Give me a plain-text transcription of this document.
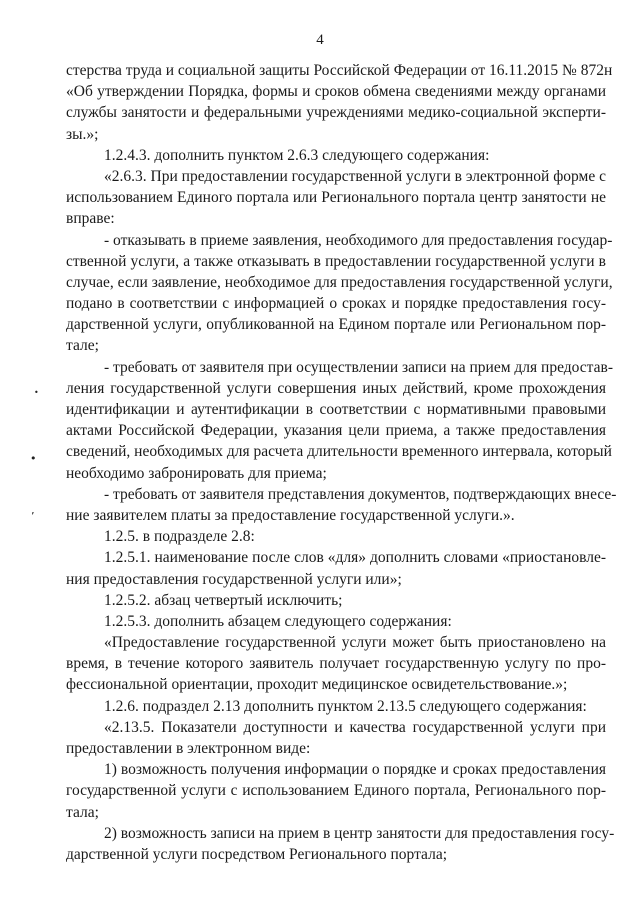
4
стерства труда и социальной защиты Российской Федерации от 16.11.2015 № 872н
«Об утверждении Порядка, формы и сроков обмена сведениями между органами
службы занятости и федеральными учреждениями медико-социальной эксперти-
зы.»;
1.2.4.3. дополнить пунктом 2.6.3 следующего содержания:
«2.6.3. При предоставлении государственной услуги в электронной форме с
использованием Единого портала или Регионального портала центр занятости не
вправе:
- отказывать в приеме заявления, необходимого для предоставления государ-
ственной услуги, а также отказывать в предоставлении государственной услуги в
случае, если заявление, необходимое для предоставления государственной услуги,
подано в соответствии с информацией о сроках и порядке предоставления госу-
дарственной услуги, опубликованной на Едином портале или Региональном пор-
тале;
- требовать от заявителя при осуществлении записи на прием для предостав-
ления государственной услуги совершения иных действий, кроме прохождения
идентификации и аутентификации в соответствии с нормативными правовыми
актами Российской Федерации, указания цели приема, а также предоставления
сведений, необходимых для расчета длительности временного интервала, который
необходимо забронировать для приема;
- требовать от заявителя представления документов, подтверждающих внесе-
ние заявителем платы за предоставление государственной услуги.».
1.2.5. в подразделе 2.8:
1.2.5.1. наименование после слов «для» дополнить словами «приостановле-
ния предоставления государственной услуги или»;
1.2.5.2. абзац четвертый исключить;
1.2.5.3. дополнить абзацем следующего содержания:
«Предоставление государственной услуги может быть приостановлено на
время, в течение которого заявитель получает государственную услугу по про-
фессиональной ориентации, проходит медицинское освидетельствование.»;
1.2.6. подраздел 2.13 дополнить пунктом 2.13.5 следующего содержания:
«2.13.5. Показатели доступности и качества государственной услуги при
предоставлении в электронном виде:
1) возможность получения информации о порядке и сроках предоставления
государственной услуги с использованием Единого портала, Регионального пор-
тала;
2) возможность записи на прием в центр занятости для предоставления госу-
дарственной услуги посредством Регионального портала;
•
•
ʼ
